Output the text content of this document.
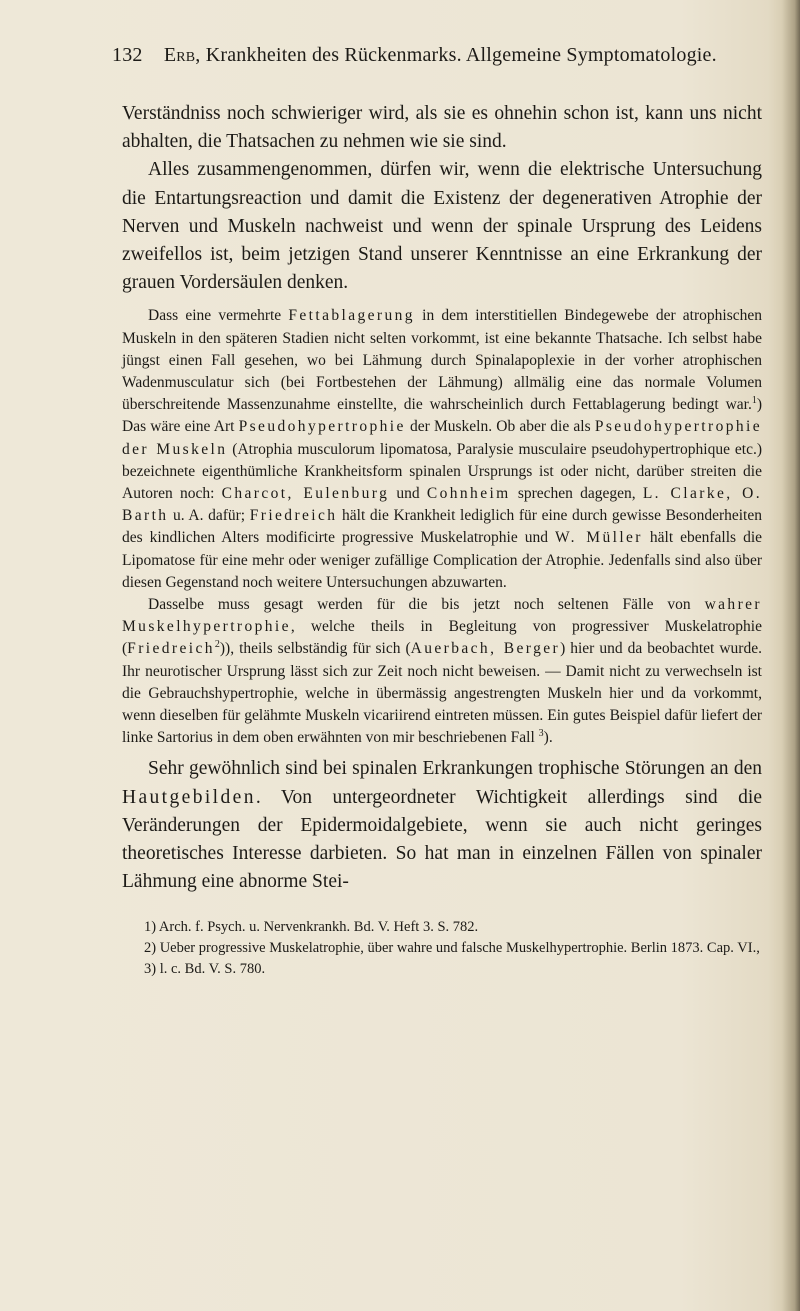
132 Erb, Krankheiten des Rückenmarks. Allgemeine Symptomatologie.

Verständniss noch schwieriger wird, als sie es ohnehin schon ist, kann uns nicht abhalten, die Thatsachen zu nehmen wie sie sind.

Alles zusammengenommen, dürfen wir, wenn die elektrische Untersuchung die Entartungsreaction und damit die Existenz der degenerativen Atrophie der Nerven und Muskeln nachweist und wenn der spinale Ursprung des Leidens zweifellos ist, beim jetzigen Stand unserer Kenntnisse an eine Erkrankung der grauen Vordersäulen denken.

Dass eine vermehrte Fettablagerung in dem interstitiellen Bindegewebe der atrophischen Muskeln in den späteren Stadien nicht selten vorkommt, ist eine bekannte Thatsache. Ich selbst habe jüngst einen Fall gesehen, wo bei Lähmung durch Spinalapoplexie in der vorher atrophischen Wadenmusculatur sich (bei Fortbestehen der Lähmung) allmälig eine das normale Volumen überschreitende Massenzunahme einstellte, die wahrscheinlich durch Fettablagerung bedingt war.$^1$) Das wäre eine Art Pseudohypertrophie der Muskeln. Ob aber die als Pseudohypertrophie der Muskeln (Atrophia musculorum lipomatosa, Paralysie musculaire pseudohypertrophique etc.) bezeichnete eigenthümliche Krankheitsform spinalen Ursprungs ist oder nicht, darüber streiten die Autoren noch: Charcot, Eulenburg und Cohnheim sprechen dagegen, L. Clarke, O. Barth u. A. dafür; Friedreich hält die Krankheit lediglich für eine durch gewisse Besonderheiten des kindlichen Alters modificirte progressive Muskelatrophie und W. Müller hält ebenfalls die Lipomatose für eine mehr oder weniger zufällige Complication der Atrophie. Jedenfalls sind also über diesen Gegenstand noch weitere Untersuchungen abzuwarten.

Dasselbe muss gesagt werden für die bis jetzt noch seltenen Fälle von wahrer Muskelhypertrophie, welche theils in Begleitung von progressiver Muskelatrophie (Friedreich$^2$)), theils selbständig für sich (Auerbach, Berger) hier und da beobachtet wurde. Ihr neurotischer Ursprung lässt sich zur Zeit noch nicht beweisen. — Damit nicht zu verwechseln ist die Gebrauchshypertrophie, welche in übermässig angestrengten Muskeln hier und da vorkommt, wenn dieselben für gelähmte Muskeln vicariirend eintreten müssen. Ein gutes Beispiel dafür liefert der linke Sartorius in dem oben erwähnten von mir beschriebenen Fall $^3$).

Sehr gewöhnlich sind bei spinalen Erkrankungen trophische Störungen an den Hautgebilden. Von untergeordneter Wichtigkeit allerdings sind die Veränderungen der Epidermoidalgebiete, wenn sie auch nicht geringes theoretisches Interesse darbieten. So hat man in einzelnen Fällen von spinaler Lähmung eine abnorme Stei-

1) Arch. f. Psych. u. Nervenkrankh. Bd. V. Heft 3. S. 782.

2) Ueber progressive Muskelatrophie, über wahre und falsche Muskelhypertrophie. Berlin 1873. Cap. VI.,

3) l. c. Bd. V. S. 780.
